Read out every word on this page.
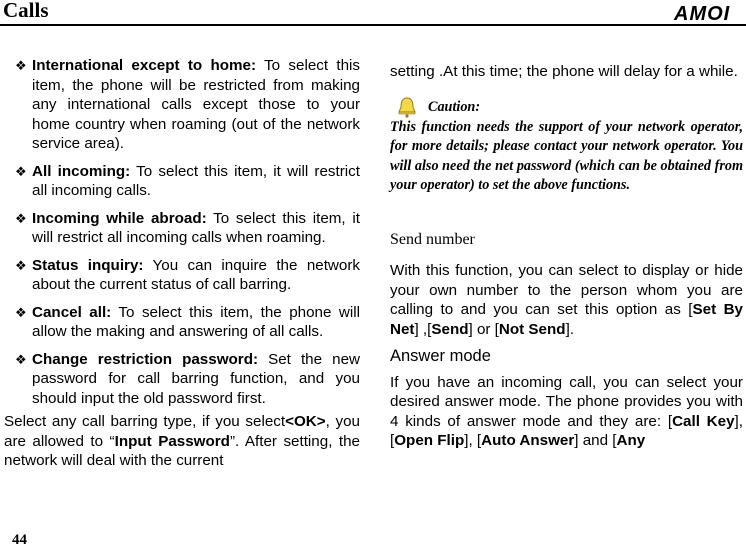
Calls	AMOI
❖ International except to home: To select this item, the phone will be restricted from making any international calls except those to your home country when roaming (out of the network service area).
❖ All incoming: To select this item, it will restrict all incoming calls.
❖ Incoming while abroad: To select this item, it will restrict all incoming calls when roaming.
❖ Status inquiry: You can inquire the network about the current status of call barring.
❖ Cancel all: To select this item, the phone will allow the making and answering of all calls.
❖ Change restriction password: Set the new password for call barring function, and you should input the old password first.
Select any call barring type, if you select<OK>, you are allowed to “Input Password”. After setting, the network will deal with the current
setting .At this time; the phone will delay for a while.
Caution:
This function needs the support of your network operator, for more details; please contact your network operator. You will also need the net password (which can be obtained from your operator) to set the above functions.
Send number
With this function, you can select to display or hide your own number to the person whom you are calling to and you can set this option as [Set By Net] ,[Send] or [Not Send].
Answer mode
If you have an incoming call, you can select your desired answer mode. The phone provides you with 4 kinds of answer mode and they are: [Call Key], [Open Flip], [Auto Answer] and [Any
44
